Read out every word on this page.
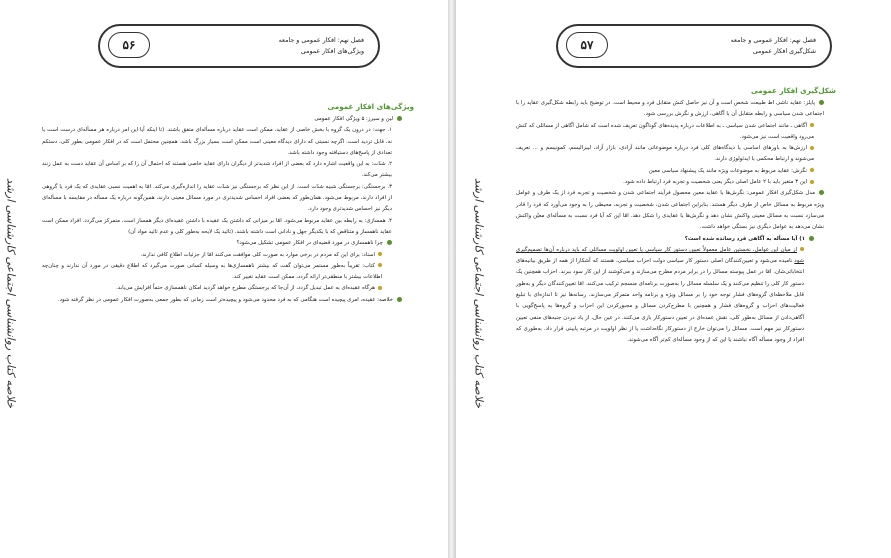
۵۶	فصل نهم: افکار عمومی و جامعه
ویژگی‌های افکار عمومی
خلاصه کتاب روانشناسی اجتماعی کارشناسی ارشد
ویژگی‌های افکار عمومی
لین و سیرز: ۵ ویژگی افکار عمومی
۱. جهت: در درون یک گروه با بخش خاصی از عقاید، ممکن است عقاید درباره مسأله‌ای متفق باشند. (تا اینکه آیا این امر درباره هر مسأله‌ای درست است یا نه، قابل تردید است. اگرچه نسبتی که دارای دیدگاه معینی است ممکن است بسیار بزرگ باشد. همچنین محتمل است که در افکار عمومی بطور کلی، دستکم تعدادی از پاسخ‌های دستیافته وجود داشته باشد.
۲. شدّت: به این واقعیت اشاره دارد که بعضی از افراد شدیدتر از دیگران دارای عقاید خاصی هستند که احتمال آن را که بر اساس آن عقاید دست به عمل زنند بیشتر می‌کند.
۳. برجستگی: برجستگی شبیه شدّت است. از این نظر که برجستگی نیز شدّت عقاید را اندازه‌گیری می‌کند. امّا به اهمیت نسبی عقایدی که یک فرد یا گروهی از افراد دارند، مربوط می‌شود. همان‌طور که بعضی افراد احساس شدیدتری در مورد مسائل معینی دارند، همین‌گونه درباره یک مسأله در مقایسه با مسأله‌ای دیگر نیز احساس شدیدتری وجود دارد.
۴. همسازی: به رابطه بین عقاید مربوط می‌شود. امّا بر میزانی که داشتن یک عقیده با داشتن عقیده‌ای دیگر همساز است، متمرکز می‌گردد. افراد ممکن است عقاید ناهمساز و متناقض که با یکدیگر جهل و نادانی است داشته باشند. (تائید یک لایحه به‌طور کلی و عدم تائید مواد آن)
چرا ناهمسازی در مورد قضیه‌ای در افکار عمومی تشکیل می‌شود؟
اسناد: برای این که مردم در برخی موارد به صورت کلی موافقت می‌کنند امّا از جزئیات اطلاع کافی ندارند.
کتاب: تقریباً به‌طور مستمر می‌توان گفت که بیشتر ناهمسازی‌ها به وسیله کسانی صورت می‌گیرد که اطلاع دقیقی در مورد آن ندارند و چنان‌چه اطلاعات بیشتر با منطقی‌تر ارائه گردد، ممکن است عقاید تغییر کند.
هرگاه عقیده‌ای به عمل تبدیل گردد، از آن‌جا که برجستگی مطرح خواهد گردید امکان ناهمسازی حتماً افزایش می‌یابد.
خلاصه: عقیده، امری پیچیده است هنگامی که به فرد محدود می‌شود و پیچیده‌تر است زمانی که بطور جمعی به‌صورت افکار عمومی در نظر گرفته شود.
۵۷	فصل نهم: افکار عمومی و جامعه
شکل‌گیری افکار عمومی
خلاصه کتاب روانشناسی اجتماعی کارشناسی ارشد
شکل‌گیری افکار عمومی
پایلز: عقاید ناشی اط طبیعت شخص است و آن نیز حاصل کنش متقابل فرد و محیط است. در توضیح باید رابطه شکل‌گیری عقاید را با اجتماعی شدن سیاسی و رابطه متقابل آن با آگاهی، ارزش و نگرش بررسی شود.
آگاهی ـ مانند اجتماعی شدن سیاسی ـ به اطلاعات درباره پدیده‌های گوناگون تعریف شده است که شامل آگاهی از مسائلی که کنش می‌رود واقعیت است نیز می‌شود.
ارزش‌ها به باورهای اساسی یا دیدگاه‌های کلی فرد درباره موضوعاتی مانند آزادی، بازار آزاد، لیبرالیسم، کمونیسم و ... تعریف می‌شوند و ارتباط محکمی با ایدئولوژی دارند.
نگرش: عقاید مربوط به موضوعات ویژه مانند یک پیشنهاد سیاسی معین
این ۳ متغیر باید با ۲ عامل اصلی دیگر یعنی شخصیت و تجربه فرد ارتباط داده شود.
مدل شکل‌گیری افکار عمومی: نگرش‌ها یا عقاید معین محصول فرآیند اجتماعی شدن و شخصیت و تجربه فرد از یک طرف و عوامل ویژه مربوط به مسائل خاص از طرف دیگر هستند. بنابراین اجتماعی شدن، شخصیت و تجربه، محیطی را به وجود می‌آورد که فرد را قادر می‌سازد نسبت به مسائل معینی واکنش نشان دهد و نگرش‌ها یا عقایدی را شکل دهد. امّا این که آیا فرد نسبت به مسأله‌ای معیّن واکنش نشان می‌دهد به عوامل دیگری نیز بستگی خواهد داشت.
۱) آیا مسأله به آگاهی فرد رسانده شده است؟
از میان این عوامل، نخستین عامل معمولاً تعیین دستور کار سیاسی یا تعیین اولویت مسائلی که باید درباره آن‌ها تصمیم‌گیری شود نامیده می‌شود و تعیین‌کنندگان اصلی دستور کار سیاسی دولت احزاب سیاسی، هستند که آشکارا از همه از طریق بیانیه‌های انتخاباتی‌شان. امّا در عمل پیوسته مسائل را در برابر مردم مطرح می‌سازند و می‌کوشند از این کار سود ببرند. احزاب همچنین یک دستور کار کلی را تنظیم می‌کنند و یک سلسله مسائل را به‌صورت برنامه‌ای منسجم ترکیب می‌کنند. امّا تعیین‌کنندگان دیگر و به‌طور قابل ملاحظه‌ای گروه‌های فشار توجه خود را بر مسائل ویژه و برنامه واحد متمرکز می‌سازند. رسانه‌ها نیز تا اندازه‌ای با تبلیغ فعالیت‌های احزاب و گروه‌های فشار و همچنین با مطرح‌کردن مسائل و مجبورکردن این احزاب و گروه‌ها به پاسخ‌گویی با آگاهی‌دادن از مسائل به‌طور کلی، نقش عمده‌ای در تعیین دستورکار بازی می‌کنند. در عین حال، از یاد نبردن جنبه‌های منفی تعیین دستورکار نیز مهم است. مسائل را می‌توان خارج از دستورکار نگاه‌داشت یا از نظر اولویت در مرتبه پایینی قرار داد. به‌طوری که افراد از وجود مسأله آگاه نباشند یا این که از وجود مسأله‌ای کم‌تر آگاه می‌شوند.
